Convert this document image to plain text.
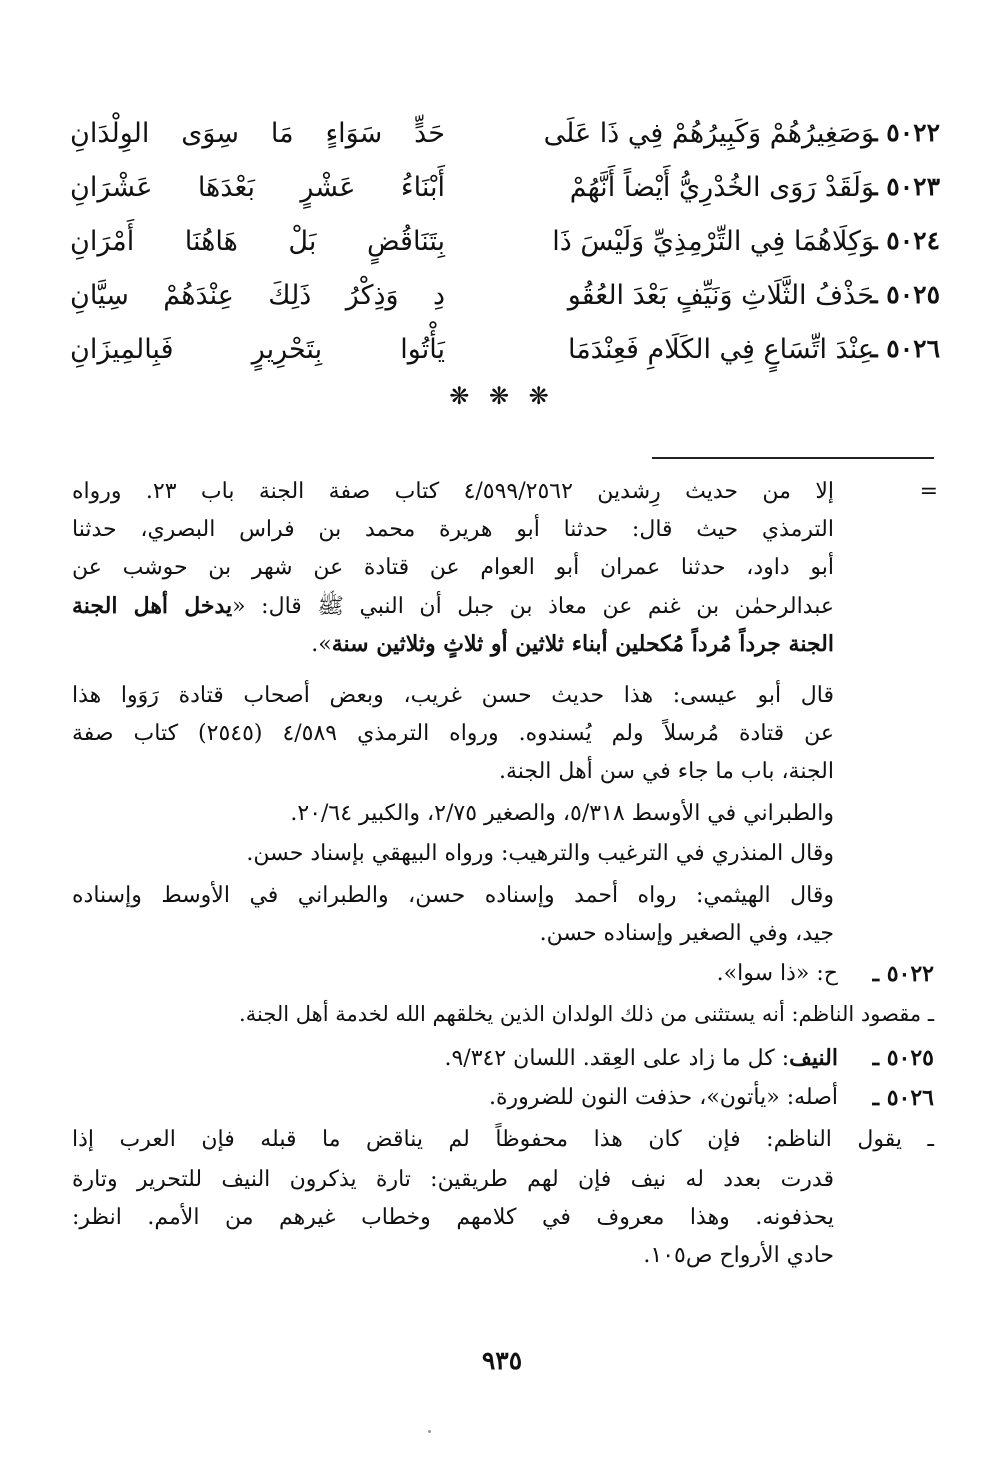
٥٠٢٢ ـ
وَصَغِيرُهُمْ وَكَبِيرُهُمْ فِي ذَا عَلَى
حَدٍّ سَوَاءٍ مَا سِوَى الوِلْدَانِ
٥٠٢٣ ـ
وَلَقَدْ رَوَى الخُدْرِيُّ أَيْضاً أَنَّهُمْ
أَبْنَاءُ عَشْرٍ بَعْدَهَا عَشْرَانِ
٥٠٢٤ ـ
وَكِلَاهُمَا فِي التِّرْمِذِيِّ وَلَيْسَ ذَا
بِتَنَاقُضٍ بَلْ هَاهُنَا أَمْرَانِ
٥٠٢٥ ـ
حَذْفُ الثَّلَاثِ وَنَيِّفٍ بَعْدَ العُقُو
دِ وَذِكْرُ ذَلِكَ عِنْدَهُمْ سِيَّانِ
٥٠٢٦ ـ
عِنْدَ اتِّسَاعٍ فِي الكَلَامِ فَعِنْدَمَا
يَأْتُوا بِتَحْرِيرٍ فَبِالمِيزَانِ
❋ ❋ ❋
=
إلا من حديث رِشدين ٤/٥٩٩/٢٥٦٢ كتاب صفة الجنة باب ٢٣. ورواه
الترمذي حيث قال: حدثنا أبو هريرة محمد بن فراس البصري، حدثنا
أبو داود، حدثنا عمران أبو العوام عن قتادة عن شهر بن حوشب عن
عبدالرحمٰن بن غنم عن معاذ بن جبل أن النبي ﷺ قال: «يدخل أهل الجنة
الجنة جرداً مُرداً مُكحلين أبناء ثلاثين أو ثلاثٍ وثلاثين سنة».
قال أبو عيسى: هذا حديث حسن غريب، وبعض أصحاب قتادة رَوَوا هذا
عن قتادة مُرسلاً ولم يُسندوه. ورواه الترمذي ٤/٥٨٩ (٢٥٤٥) كتاب صفة
الجنة، باب ما جاء في سن أهل الجنة.
والطبراني في الأوسط ٥/٣١٨، والصغير ٢/٧٥، والكبير ٢٠/٦٤.
وقال المنذري في الترغيب والترهيب: ورواه البيهقي بإسناد حسن.
وقال الهيثمي: رواه أحمد وإسناده حسن، والطبراني في الأوسط وإسناده
جيد، وفي الصغير وإسناده حسن.
٥٠٢٢ ـ
ح: «ذا سوا».
ـ مقصود الناظم: أنه يستثنى من ذلك الولدان الذين يخلقهم الله لخدمة أهل الجنة.
٥٠٢٥ ـ
النيف: كل ما زاد على العِقد. اللسان ٩/٣٤٢.
٥٠٢٦ ـ
أصله: «يأتون»، حذفت النون للضرورة.
ـ يقول الناظم: فإن كان هذا محفوظاً لم يناقض ما قبله فإن العرب إذا
قدرت بعدد له نيف فإن لهم طريقين: تارة يذكرون النيف للتحرير وتارة
يحذفونه. وهذا معروف في كلامهم وخطاب غيرهم من الأمم. انظر:
حادي الأرواح ص١٠٥.
٩٣٥
